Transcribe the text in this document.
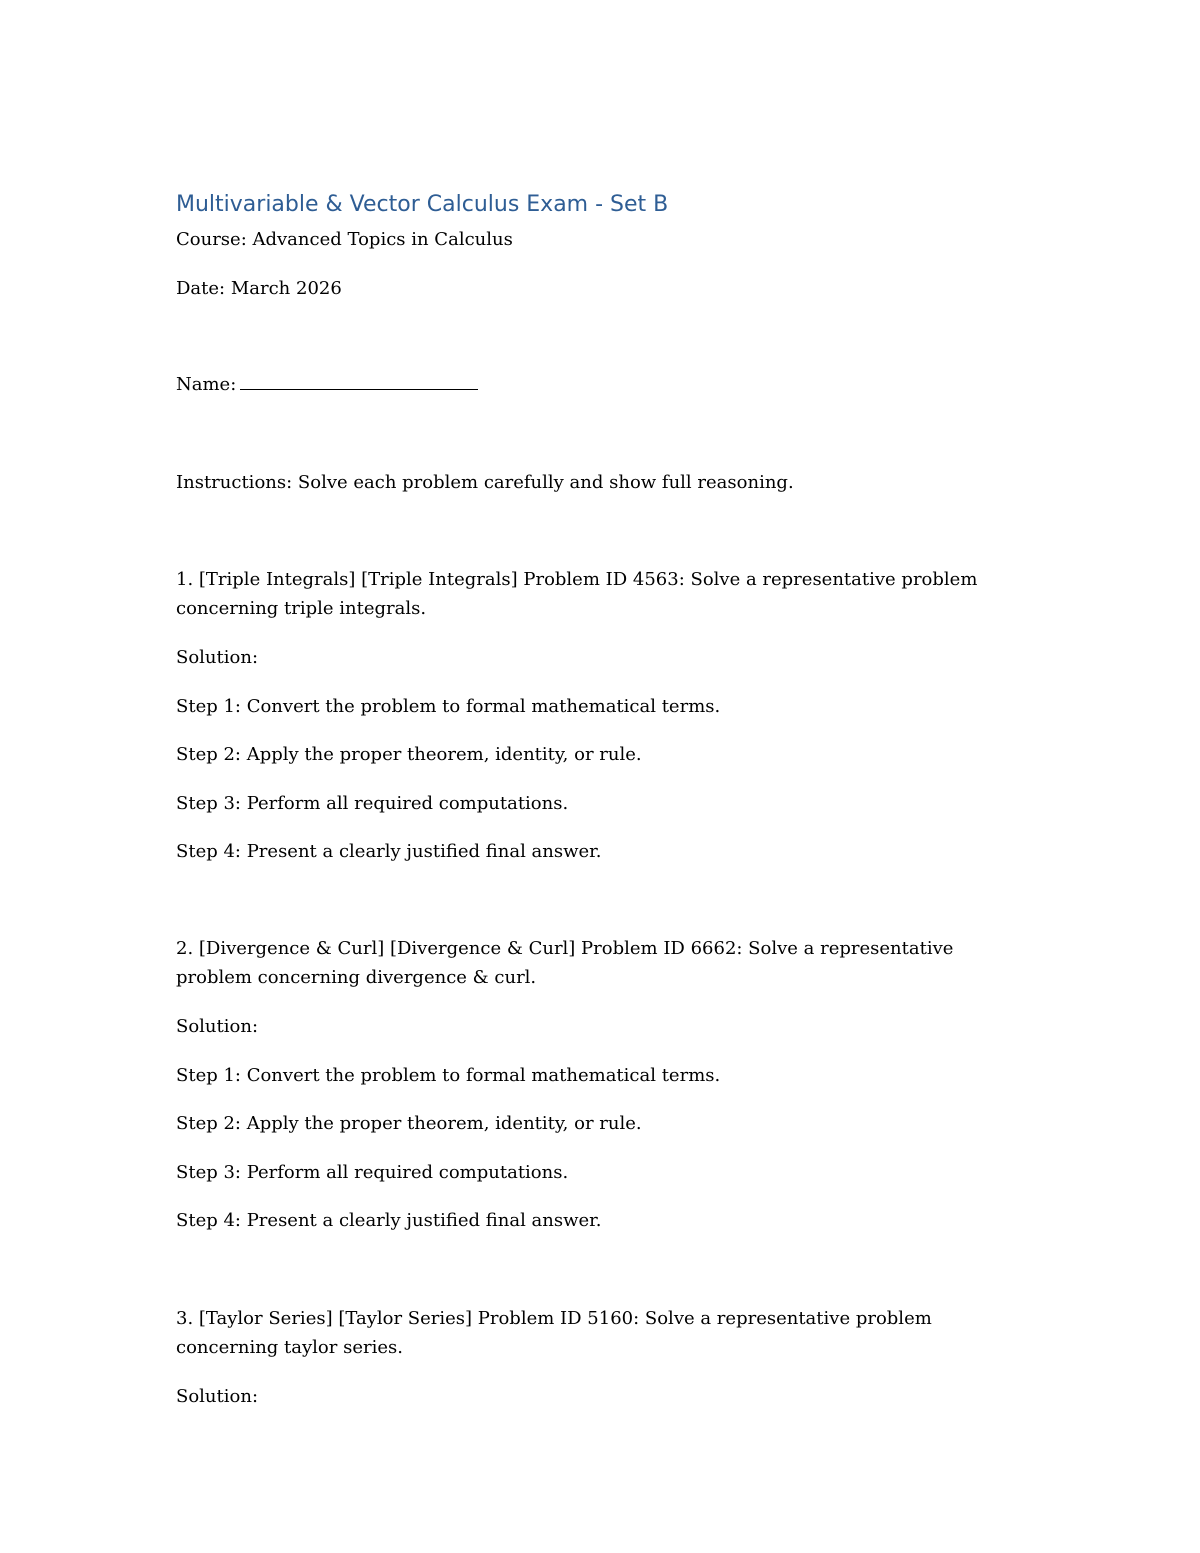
Multivariable & Vector Calculus Exam - Set B
Course: Advanced Topics in Calculus
Date: March 2026
Name:
Instructions: Solve each problem carefully and show full reasoning.
1. [Triple Integrals] [Triple Integrals] Problem ID 4563: Solve a representative problem
concerning triple integrals.
Solution:
Step 1: Convert the problem to formal mathematical terms.
Step 2: Apply the proper theorem, identity, or rule.
Step 3: Perform all required computations.
Step 4: Present a clearly justified final answer.
2. [Divergence & Curl] [Divergence & Curl] Problem ID 6662: Solve a representative
problem concerning divergence & curl.
Solution:
Step 1: Convert the problem to formal mathematical terms.
Step 2: Apply the proper theorem, identity, or rule.
Step 3: Perform all required computations.
Step 4: Present a clearly justified final answer.
3. [Taylor Series] [Taylor Series] Problem ID 5160: Solve a representative problem
concerning taylor series.
Solution:
